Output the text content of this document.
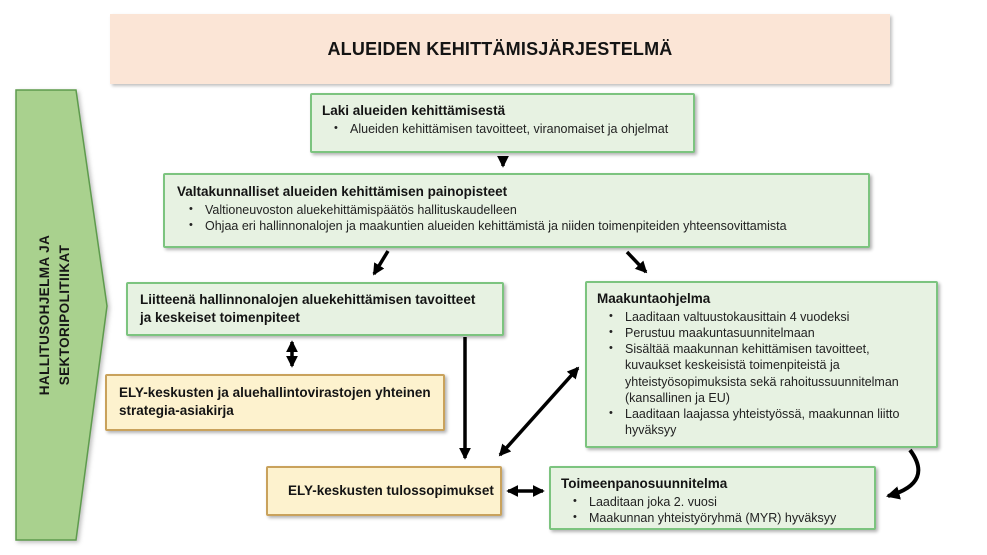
ALUEIDEN KEHITTÄMISJÄRJESTELMÄ
HALLITUSOHJELMA JA SEKTORIPOLITIIKAT
Laki alueiden kehittämisestä
• Alueiden kehittämisen tavoitteet, viranomaiset ja ohjelmat
Valtakunnalliset alueiden kehittämisen painopisteet
• Valtioneuvoston aluekehittämispäätös hallituskaudelleen
• Ohjaa eri hallinnonalojen ja maakuntien alueiden kehittämistä ja niiden toimenpiteiden yhteensovittamista
Liitteenä hallinnonalojen aluekehittämisen tavoitteet ja keskeiset toimenpiteet
ELY-keskusten ja aluehallintovirastojen yhteinen strategia-asiakirja
Maakuntaohjelma
• Laaditaan valtuustokausittain 4 vuodeksi
• Perustuu maakuntasuunnitelmaan
• Sisältää maakunnan kehittämisen tavoitteet, kuvaukset keskeisistä toimenpiteistä ja yhteistyösopimuksista sekä rahoitussuunnitelman (kansallinen ja EU)
• Laaditaan laajassa yhteistyössä, maakunnan liitto hyväksyy
ELY-keskusten tulossopimukset	Toimeenpanosuunnitelma
• Laaditaan joka 2. vuosi
• Maakunnan yhteistyöryhmä (MYR) hyväksyy
